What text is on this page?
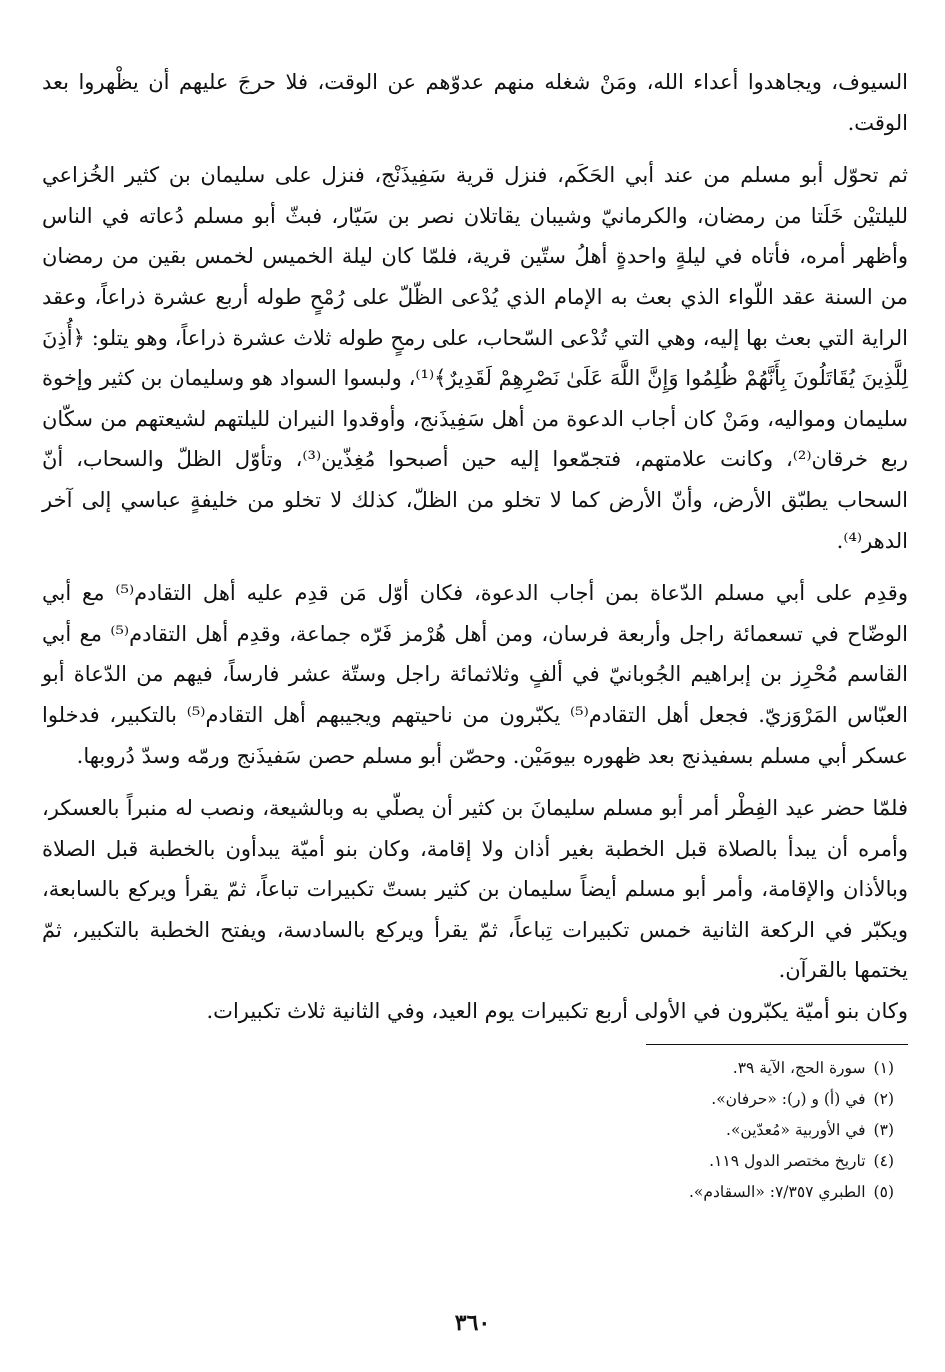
السيوف، ويجاهدوا أعداء الله، ومَنْ شغله منهم عدوّهم عن الوقت، فلا حرجَ عليهم أن يظْهروا بعد الوقت.

ثم تحوّل أبو مسلم من عند أبي الحَكَم، فنزل قرية سَفِيذَنْج، فنزل على سليمان بن كثير الخُزاعي لليلتيْن خَلَتا من رمضان، والكرمانيّ وشيبان يقاتلان نصر بن سَيّار، فبثّ أبو مسلم دُعاته في الناس وأظهر أمره، فأتاه في ليلةٍ واحدةٍ أهلُ ستّين قرية، فلمّا كان ليلة الخميس لخمس بقين من رمضان من السنة عقد اللّواء الذي بعث به الإمام الذي يُدْعى الظّلّ على رُمْحٍ طوله أربع عشرة ذراعاً، وعقد الراية التي بعث بها إليه، وهي التي تُدْعى السّحاب، على رمحٍ طوله ثلاث عشرة ذراعاً، وهو يتلو: ﴿أُذِنَ لِلَّذِينَ يُقَاتَلُونَ بِأَنَّهُمْ ظُلِمُوا وَإِنَّ اللَّهَ عَلَىٰ نَصْرِهِمْ لَقَدِيرٌ﴾⁽¹⁾، ولبسوا السواد هو وسليمان بن كثير وإخوة سليمان ومواليه، ومَنْ كان أجاب الدعوة من أهل سَفِيذَنج، وأوقدوا النيران لليلتهم لشيعتهم من سكّان ربع خرقان⁽²⁾، وكانت علامتهم، فتجمّعوا إليه حين أصبحوا مُغِذّين⁽³⁾، وتأوّل الظلّ والسحاب، أنّ السحاب يطبّق الأرض، وأنّ الأرض كما لا تخلو من الظلّ، كذلك لا تخلو من خليفةٍ عباسي إلى آخر الدهر⁽⁴⁾.

وقدِم على أبي مسلم الدّعاة بمن أجاب الدعوة، فكان أوّل مَن قدِم عليه أهل التقادم⁽⁵⁾ مع أبي الوضّاح في تسعمائة راجل وأربعة فرسان، ومن أهل هُرْمز فَرّه جماعة، وقدِم أهل التقادم⁽⁵⁾ مع أبي القاسم مُحْرِز بن إبراهيم الجُوبانيّ في ألفٍ وثلاثمائة راجل وستّة عشر فارساً، فيهم من الدّعاة أبو العبّاس المَرْوَزيّ. فجعل أهل التقادم⁽⁵⁾ يكبّرون من ناحيتهم ويجيبهم أهل التقادم⁽⁵⁾ بالتكبير، فدخلوا عسكر أبي مسلم بسفيذنج بعد ظهوره بيومَيْن. وحصّن أبو مسلم حصن سَفيذَنج ورمّه وسدّ دُروبها.

فلمّا حضر عيد الفِطْر أمر أبو مسلم سليمانَ بن كثير أن يصلّي به وبالشيعة، ونصب له منبراً بالعسكر، وأمره أن يبدأ بالصلاة قبل الخطبة بغير أذان ولا إقامة، وكان بنو أميّة يبدأون بالخطبة قبل الصلاة وبالأذان والإقامة، وأمر أبو مسلم أيضاً سليمان بن كثير بستّ تكبيرات تباعاً، ثمّ يقرأ ويركع بالسابعة، ويكبّر في الركعة الثانية خمس تكبيرات تِباعاً، ثمّ يقرأ ويركع بالسادسة، ويفتح الخطبة بالتكبير، ثمّ يختمها بالقرآن.

وكان بنو أميّة يكبّرون في الأولى أربع تكبيرات يوم العيد، وفي الثانية ثلاث تكبيرات.

(١)سورة الحج، الآية ٣٩.

(٢)في (أ) و (ر): «حرفان».

(٣)في الأوربية «مُعدّين».

(٤)تاريخ مختصر الدول ١١٩.

(٥)الطبري ٧/٣٥٧: «السقادم».

٣٦٠
